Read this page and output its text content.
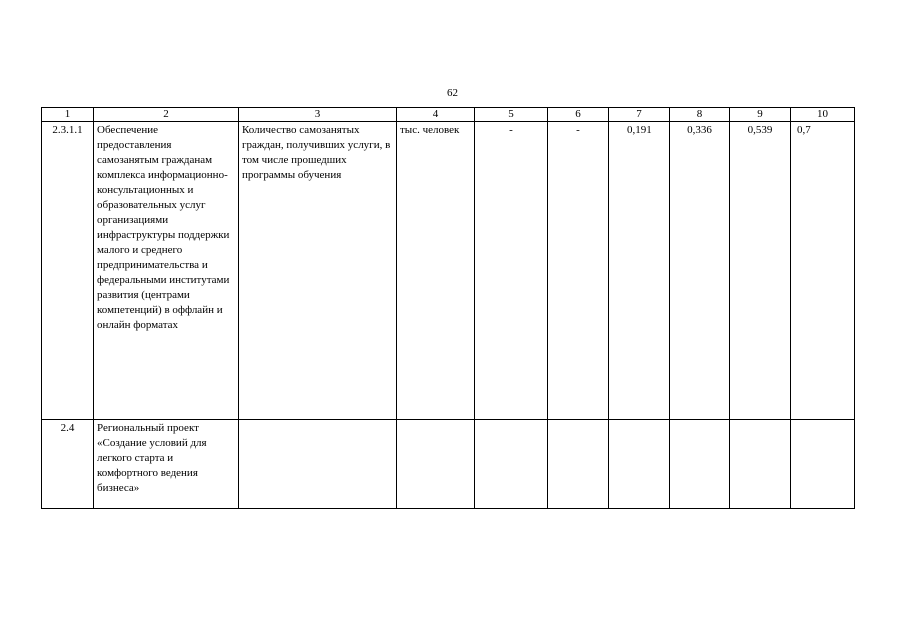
62
1	2	3	4	5	6	7	8	9	10
2.3.1.1	Обеспечение предоставления самозанятым гражданам комплекса информационно-консультационных и образовательных услуг организациями инфраструктуры поддержки малого и среднего предпринимательства и федеральными институтами развития (центрами компетенций) в оффлайн и онлайн форматах	Количество самозанятых граждан, получивших услуги, в том числе прошедших программы обучения	тыс. человек	-	-	0,191	0,336	0,539	0,7
2.4	Региональный проект «Создание условий для легкого старта и комфортного ведения бизнеса»								
